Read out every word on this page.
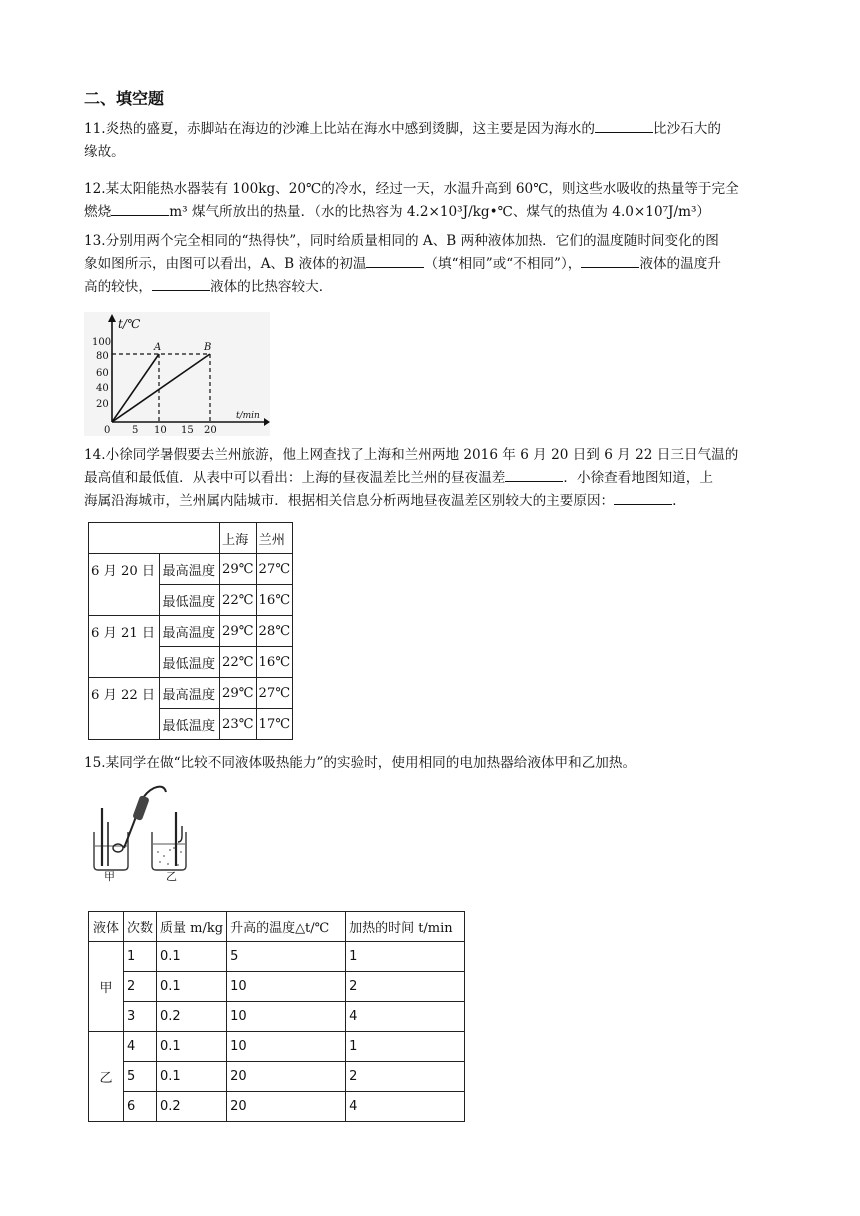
二、填空题
11.炎热的盛夏，赤脚站在海边的沙滩上比站在海水中感到烫脚，这主要是因为海水的	比沙石大的
缘故。
12.某太阳能热水器装有 100kg、20℃的冷水，经过一天，水温升高到 60℃，则这些水吸收的热量等于完全
燃烧	m³ 煤气所放出的热量．（水的比热容为 4.2×10³J/kg•℃、煤气的热值为 4.0×10⁷J/m³）
13.分别用两个完全相同的“热得快”，同时给质量相同的 A、B 两种液体加热．它们的温度随时间变化的图
象如图所示，由图可以看出，A、B 液体的初温	（填“相同”或“不相同”），	液体的温度升
高的较快，	液体的比热容较大．
t/℃
t/min
100
80
60
40
20
0 5 10 15 20
A	B
14.小徐同学暑假要去兰州旅游，他上网查找了上海和兰州两地 2016 年 6 月 20 日到 6 月 22 日三日气温的
最高值和最低值．从表中可以看出：上海的昼夜温差比兰州的昼夜温差	．小徐查看地图知道，上
海属沿海城市，兰州属内陆城市．根据相关信息分析两地昼夜温差区别较大的主要原因：	.
		上海	兰州
6 月 20 日	最高温度	29℃	27℃
	最低温度	22℃	16℃
6 月 21 日	最高温度	29℃	28℃
	最低温度	22℃	16℃
6 月 22 日	最高温度	29℃	27℃
	最低温度	23℃	17℃
15.某同学在做“比较不同液体吸热能力”的实验时，使用相同的电加热器给液体甲和乙加热。
甲	乙
液体	次数	质量 m/kg	升高的温度△t/℃	加热的时间 t/min
甲	1	0.1	5	1
	2	0.1	10	2
	3	0.2	10	4
乙	4	0.1	10	1
	5	0.1	20	2
	6	0.2	20	4
